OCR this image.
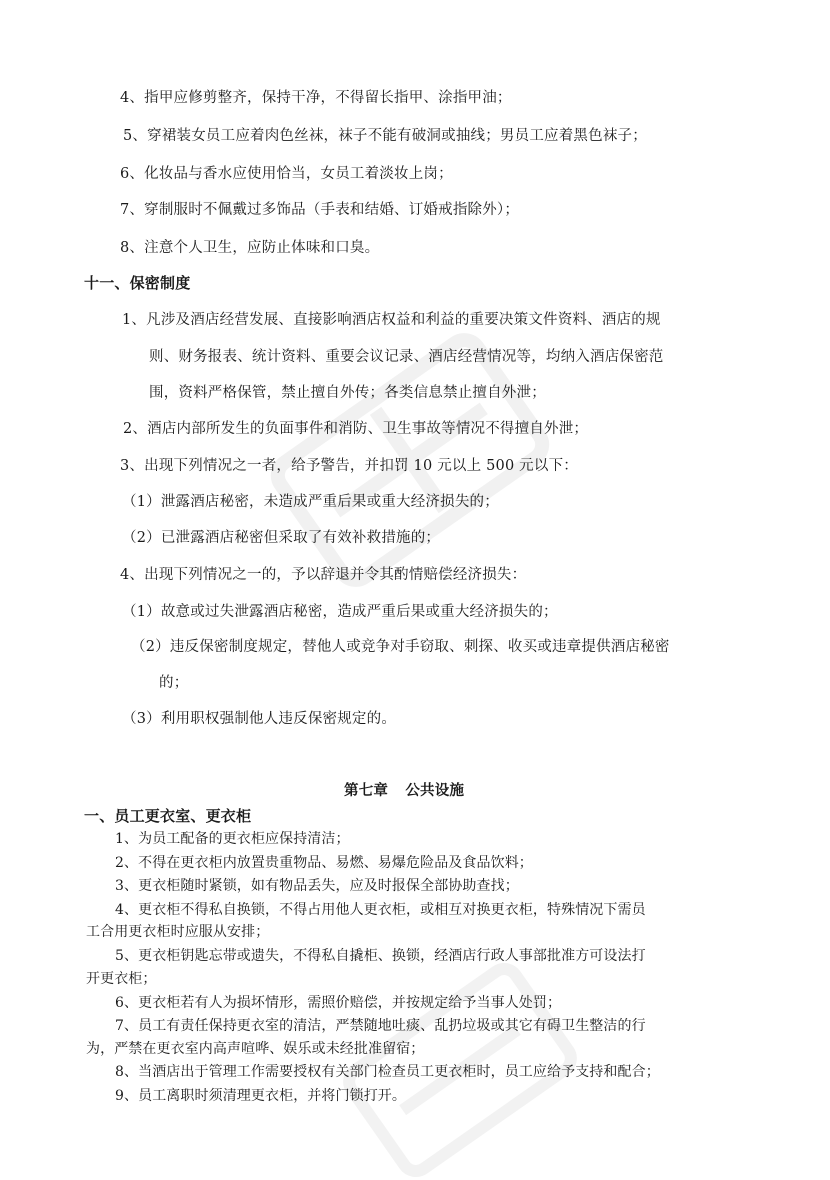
4、指甲应修剪整齐，保持干净，不得留长指甲、涂指甲油；
5、穿裙装女员工应着肉色丝袜，袜子不能有破洞或抽线；男员工应着黑色袜子；
6、化妆品与香水应使用恰当，女员工着淡妆上岗；
7、穿制服时不佩戴过多饰品（手表和结婚、订婚戒指除外）；
8、注意个人卫生，应防止体味和口臭。
十一、保密制度
1、凡涉及酒店经营发展、直接影响酒店权益和利益的重要决策文件资料、酒店的规
则、财务报表、统计资料、重要会议记录、酒店经营情况等，均纳入酒店保密范
围，资料严格保管，禁止擅自外传；各类信息禁止擅自外泄；
2、酒店内部所发生的负面事件和消防、卫生事故等情况不得擅自外泄；
3、出现下列情况之一者，给予警告，并扣罚 10 元以上 500 元以下：
（1）泄露酒店秘密，未造成严重后果或重大经济损失的；
（2）已泄露酒店秘密但采取了有效补救措施的；
4、出现下列情况之一的，予以辞退并令其酌情赔偿经济损失：
（1）故意或过失泄露酒店秘密，造成严重后果或重大经济损失的；
（2）违反保密制度规定，替他人或竞争对手窃取、刺探、收买或违章提供酒店秘密
的；
（3）利用职权强制他人违反保密规定的。
第七章 公共设施
一、员工更衣室、更衣柜
1、为员工配备的更衣柜应保持清洁；
2、不得在更衣柜内放置贵重物品、易燃、易爆危险品及食品饮料；
3、更衣柜随时紧锁，如有物品丢失，应及时报保全部协助查找；
4、更衣柜不得私自换锁，不得占用他人更衣柜，或相互对换更衣柜，特殊情况下需员
工合用更衣柜时应服从安排；
5、更衣柜钥匙忘带或遗失，不得私自撬柜、换锁，经酒店行政人事部批准方可设法打
开更衣柜；
6、更衣柜若有人为损坏情形，需照价赔偿，并按规定给予当事人处罚；
7、员工有责任保持更衣室的清洁，严禁随地吐痰、乱扔垃圾或其它有碍卫生整洁的行
为，严禁在更衣室内高声喧哗、娱乐或未经批准留宿；
8、当酒店出于管理工作需要授权有关部门检查员工更衣柜时，员工应给予支持和配合；
9、员工离职时须清理更衣柜，并将门锁打开。
